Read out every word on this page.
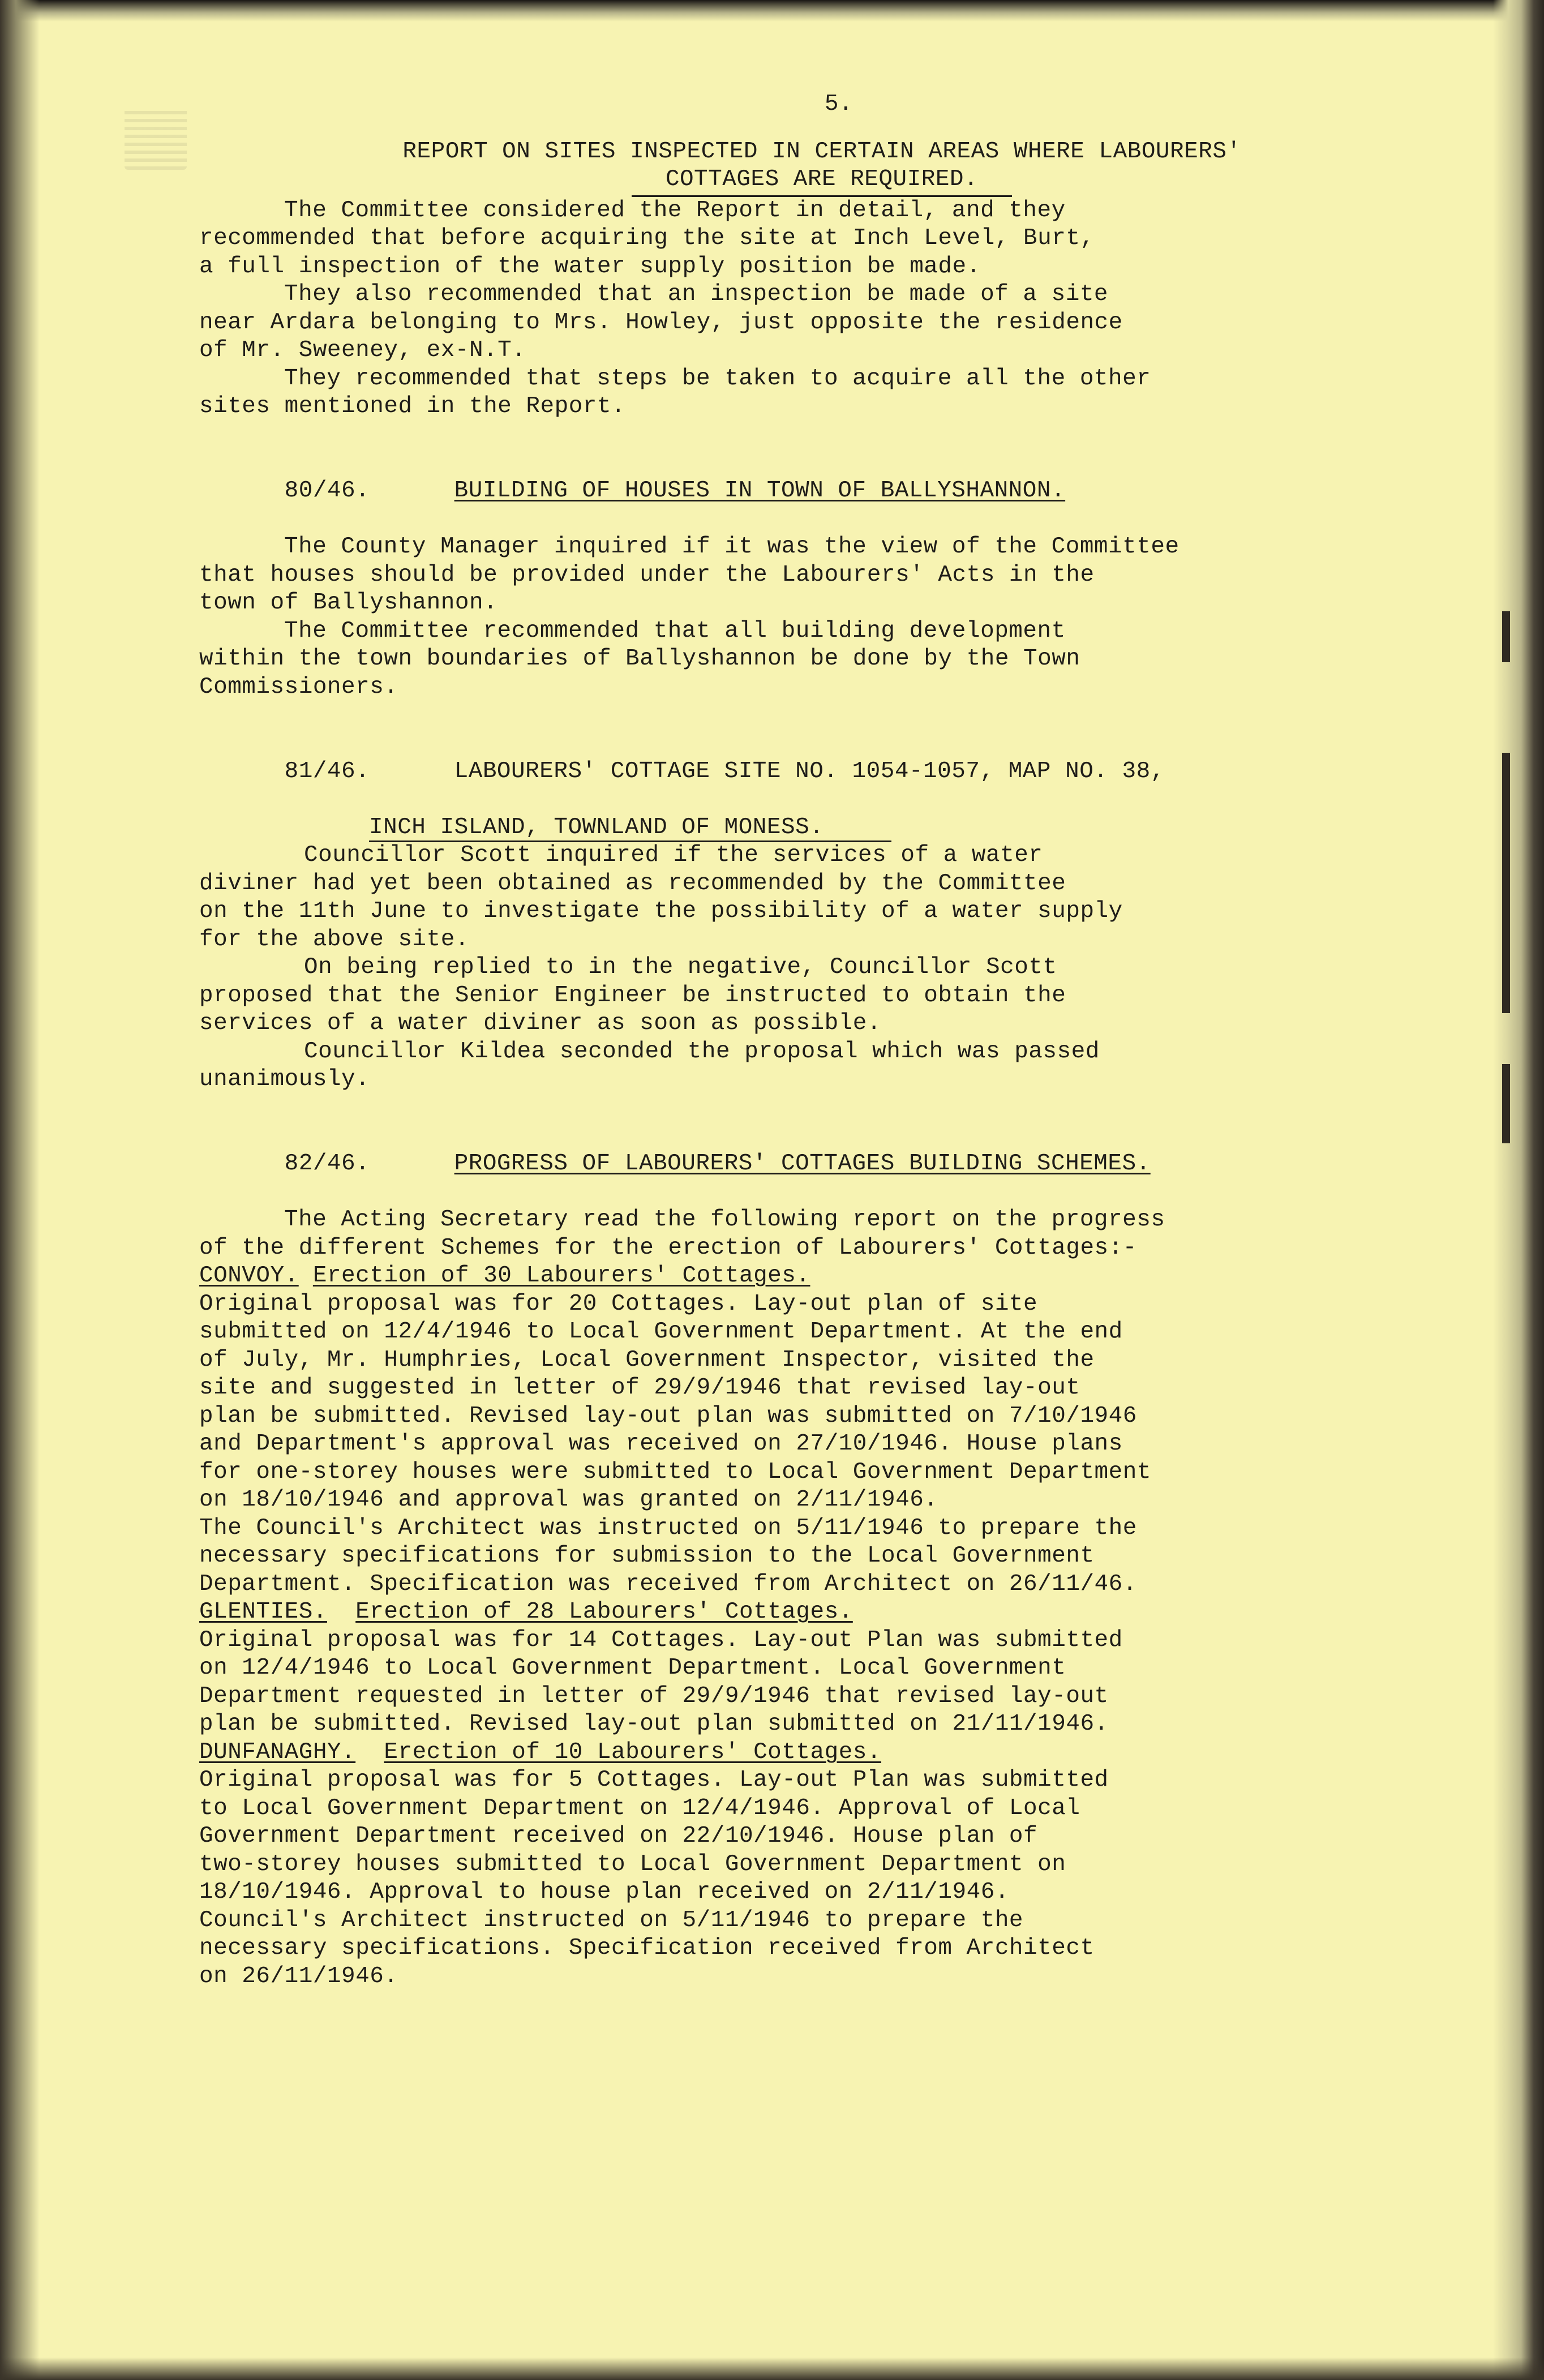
5.
REPORT ON SITES INSPECTED IN CERTAIN AREAS WHERE LABOURERS'
COTTAGES ARE REQUIRED.
The Committee considered the Report in detail, and they
recommended that before acquiring the site at Inch Level, Burt,
a full inspection of the water supply position be made.
They also recommended that an inspection be made of a site
near Ardara belonging to Mrs. Howley, just opposite the residence
of Mr. Sweeney, ex-N.T.
They recommended that steps be taken to acquire all the other
sites mentioned in the Report.

80/46.	BUILDING OF HOUSES IN TOWN OF BALLYSHANNON.

The County Manager inquired if it was the view of the Committee
that houses should be provided under the Labourers' Acts in the
town of Ballyshannon.
The Committee recommended that all building development
within the town boundaries of Ballyshannon be done by the Town
Commissioners.

81/46.	LABOURERS' COTTAGE SITE NO. 1054-1057, MAP NO. 38,

INCH ISLAND, TOWNLAND OF MONESS.
Councillor Scott inquired if the services of a water
diviner had yet been obtained as recommended by the Committee
on the 11th June to investigate the possibility of a water supply
for the above site.
On being replied to in the negative, Councillor Scott
proposed that the Senior Engineer be instructed to obtain the
services of a water diviner as soon as possible.
Councillor Kildea seconded the proposal which was passed
unanimously.

82/46.	PROGRESS OF LABOURERS' COTTAGES BUILDING SCHEMES.

The Acting Secretary read the following report on the progress
of the different Schemes for the erection of Labourers' Cottages:-
CONVOY. Erection of 30 Labourers' Cottages.
Original proposal was for 20 Cottages. Lay-out plan of site
submitted on 12/4/1946 to Local Government Department. At the end
of July, Mr. Humphries, Local Government Inspector, visited the
site and suggested in letter of 29/9/1946 that revised lay-out
plan be submitted. Revised lay-out plan was submitted on 7/10/1946
and Department's approval was received on 27/10/1946. House plans
for one-storey houses were submitted to Local Government Department
on 18/10/1946 and approval was granted on 2/11/1946.
The Council's Architect was instructed on 5/11/1946 to prepare the
necessary specifications for submission to the Local Government
Department. Specification was received from Architect on 26/11/46.
GLENTIES. Erection of 28 Labourers' Cottages.
Original proposal was for 14 Cottages. Lay-out Plan was submitted
on 12/4/1946 to Local Government Department. Local Government
Department requested in letter of 29/9/1946 that revised lay-out
plan be submitted. Revised lay-out plan submitted on 21/11/1946.
DUNFANAGHY. Erection of 10 Labourers' Cottages.
Original proposal was for 5 Cottages. Lay-out Plan was submitted
to Local Government Department on 12/4/1946. Approval of Local
Government Department received on 22/10/1946. House plan of
two-storey houses submitted to Local Government Department on
18/10/1946. Approval to house plan received on 2/11/1946.
Council's Architect instructed on 5/11/1946 to prepare the
necessary specifications. Specification received from Architect
on 26/11/1946.
